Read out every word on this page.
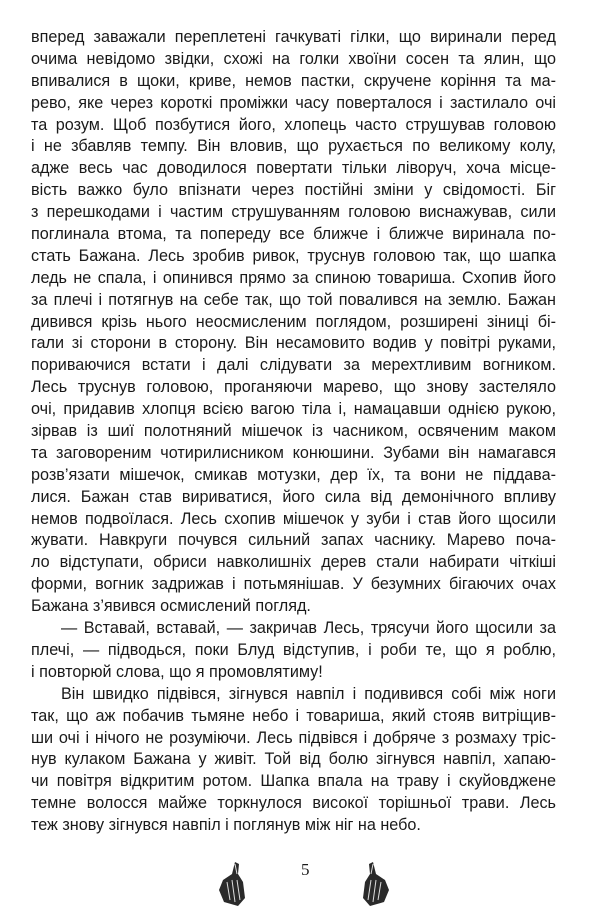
вперед заважали переплетені гачкуваті гілки, що виринали перед
очима невідомо звідки, схожі на голки хвоїни сосен та ялин, що
впивалися в щоки, криве, немов пастки, скручене коріння та ма-
рево, яке через короткі проміжки часу поверталося і застилало очі
та розум. Щоб позбутися його, хлопець часто струшував головою
і не збавляв темпу. Він вловив, що рухається по великому колу,
адже весь час доводилося повертати тільки ліворуч, хоча місце-
вість важко було впізнати через постійні зміни у свідомості. Біг
з перешкодами і частим струшуванням головою виснажував, сили
поглинала втома, та попереду все ближче і ближче виринала по-
стать Бажана. Лесь зробив ривок, труснув головою так, що шапка
ледь не спала, і опинився прямо за спиною товариша. Схопив його
за плечі і потягнув на себе так, що той повалився на землю. Бажан
дивився крізь нього неосмисленим поглядом, розширені зіниці бі-
гали зі сторони в сторону. Він несамовито водив у повітрі руками,
пориваючися встати і далі слідувати за мерехтливим вогником.
Лесь труснув головою, проганяючи марево, що знову застеляло
очі, придавив хлопця всією вагою тіла і, намацавши однією рукою,
зірвав із шиї полотняний мішечок із часником, освяченим маком
та заговореним чотирилисником конюшини. Зубами він намагався
розв’язати мішечок, смикав мотузки, дер їх, та вони не піддава-
лися. Бажан став вириватися, його сила від демонічного впливу
немов подвоїлася. Лесь схопив мішечок у зуби і став його щосили
жувати. Навкруги почувся сильний запах часнику. Марево поча-
ло відступати, обриси навколишніх дерев стали набирати чіткіші
форми, вогник задрижав і потьмянішав. У безумних бігаючих очах
Бажана з’явився осмислений погляд.
— Вставай, вставай, — закричав Лесь, трясучи його щосили за
плечі, — підводься, поки Блуд відступив, і роби те, що я роблю,
і повторюй слова, що я промовлятиму!
Він швидко підвівся, зігнувся навпіл і подивився собі між ноги
так, що аж побачив тьмяне небо і товариша, який стояв витріщив-
ши очі і нічого не розуміючи. Лесь підвівся і добряче з розмаху тріс-
нув кулаком Бажана у живіт. Той від болю зігнувся навпіл, хапаю-
чи повітря відкритим ротом. Шапка впала на траву і скуйовджене
темне волосся майже торкнулося високої торішньої трави. Лесь
теж знову зігнувся навпіл і поглянув між ніг на небо.
5
